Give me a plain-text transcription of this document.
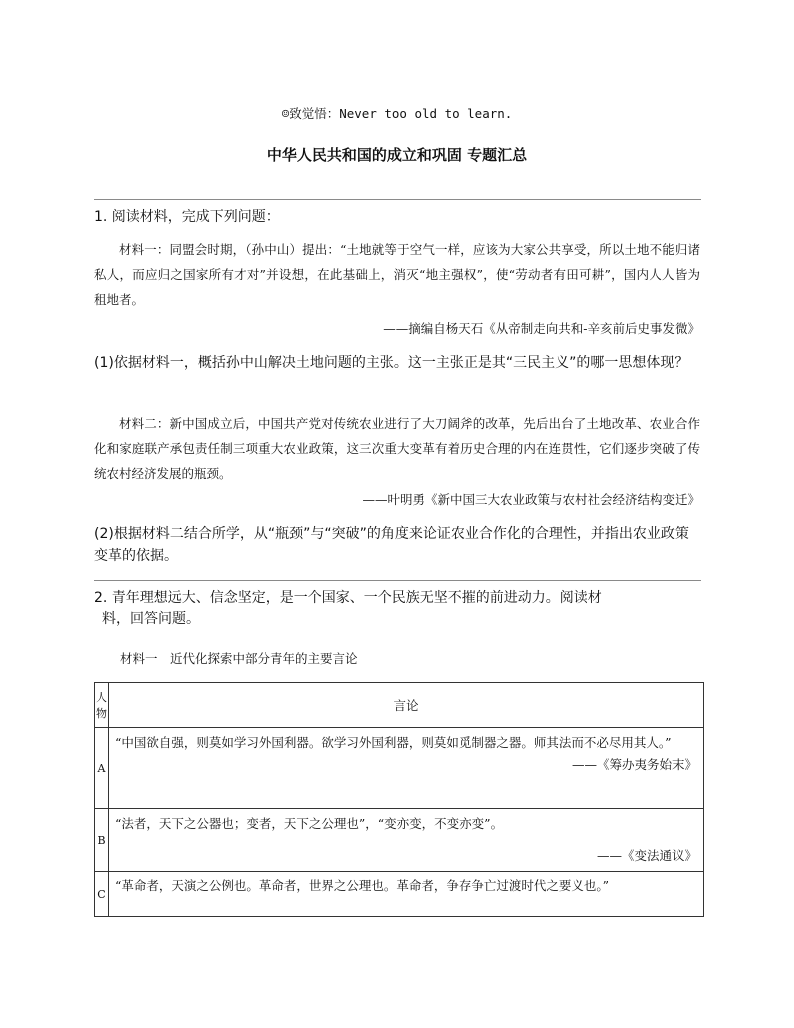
☺致觉悟：Never too old to learn.
中华人民共和国的成立和巩固 专题汇总
1. 阅读材料，完成下列问题：
材料一：同盟会时期，（孙中山）提出：“土地就等于空气一样，应该为大家公共享受，所以土地不能归诸私人，而应归之国家所有才对”并设想，在此基础上，消灭“地主强权”，使“劳动者有田可耕”，国内人人皆为租地者。
——摘编自杨天石《从帝制走向共和-辛亥前后史事发微》
(1)依据材料一，概括孙中山解决土地问题的主张。这一主张正是其“三民主义”的哪一思想体现？
材料二：新中国成立后，中国共产党对传统农业进行了大刀阔斧的改革，先后出台了土地改革、农业合作化和家庭联产承包责任制三项重大农业政策，这三次重大变革有着历史合理的内在连贯性，它们逐步突破了传统农村经济发展的瓶颈。
——叶明勇《新中国三大农业政策与农村社会经济结构变迁》
(2)根据材料二结合所学，从“瓶颈”与“突破”的角度来论证农业合作化的合理性，并指出农业政策变革的依据。
2. 青年理想远大、信念坚定，是一个国家、一个民族无坚不摧的前进动力。阅读材
料，回答问题。
材料一　近代化探索中部分青年的主要言论
人物	言论
A	“中国欲自强，则莫如学习外国利器。欲学习外国利器，则莫如觅制器之器。师其法而不必尽用其人。”
——《筹办夷务始末》

B	“法者，天下之公器也；变者，天下之公理也”，“变亦变，不变亦变”。
——《变法通议》

C	“革命者，天演之公例也。革命者，世界之公理也。革命者，争存争亡过渡时代之要义也。”
